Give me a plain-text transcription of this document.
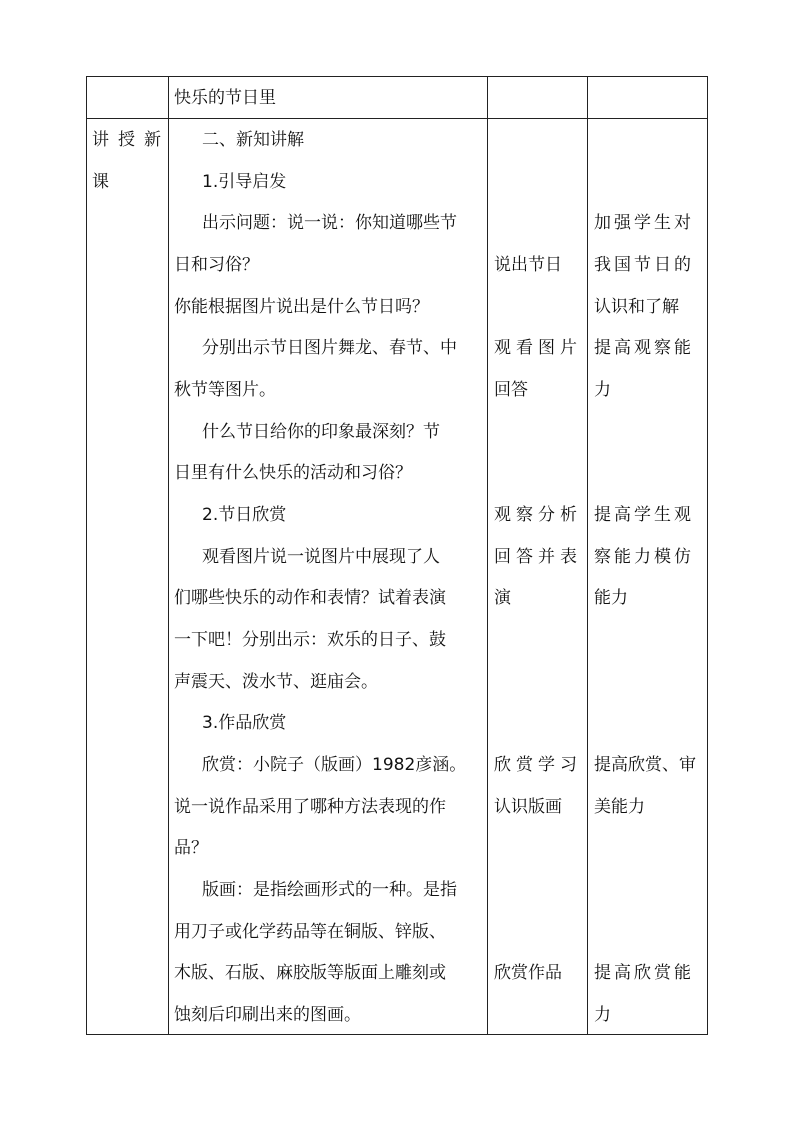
快乐的节日里
讲授新
课
二、新知讲解
1.引导启发
出示问题：说一说：你知道哪些节
日和习俗？
你能根据图片说出是什么节日吗？
分别出示节日图片舞龙、春节、中
秋节等图片。
什么节日给你的印象最深刻？节
日里有什么快乐的活动和习俗？
2.节日欣赏
观看图片说一说图片中展现了人
们哪些快乐的动作和表情？试着表演
一下吧！分别出示：欢乐的日子、鼓
声震天、泼水节、逛庙会。
3.作品欣赏
欣赏：小院子（版画）1982彦涵。
说一说作品采用了哪种方法表现的作
品？
版画：是指绘画形式的一种。是指
用刀子或化学药品等在铜版、锌版、
木版、石版、麻胶版等版面上雕刻或
蚀刻后印刷出来的图画。
说出节日
观看图片
回答
观察分析
回答并表
演
欣赏学习
认识版画
欣赏作品
加强学生对
我国节日的
认识和了解
提高观察能
力
提高学生观
察能力模仿
能力
提高欣赏、审
美能力
提高欣赏能
力
